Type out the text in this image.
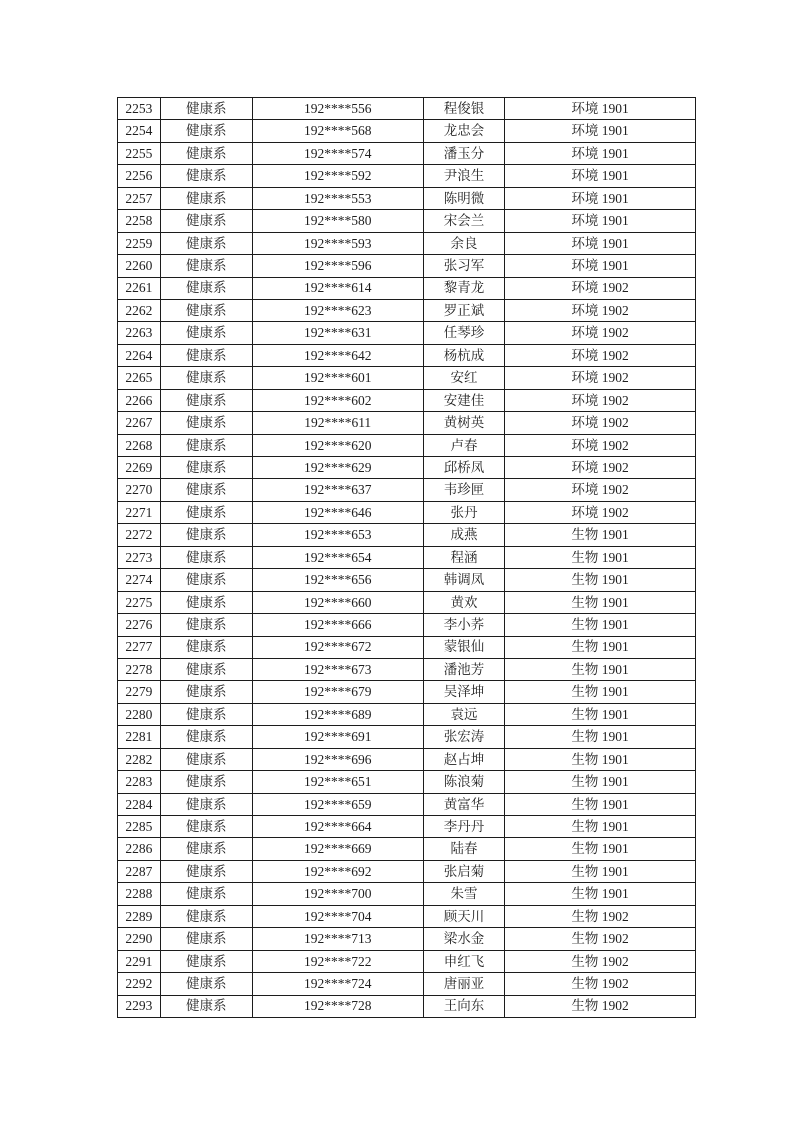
2253	健康系	192****556	程俊银	环境 1901
2254	健康系	192****568	龙忠会	环境 1901
2255	健康系	192****574	潘玉分	环境 1901
2256	健康系	192****592	尹浪生	环境 1901
2257	健康系	192****553	陈明微	环境 1901
2258	健康系	192****580	宋会兰	环境 1901
2259	健康系	192****593	余良	环境 1901
2260	健康系	192****596	张习军	环境 1901
2261	健康系	192****614	黎青龙	环境 1902
2262	健康系	192****623	罗正斌	环境 1902
2263	健康系	192****631	任琴珍	环境 1902
2264	健康系	192****642	杨杭成	环境 1902
2265	健康系	192****601	安红	环境 1902
2266	健康系	192****602	安建佳	环境 1902
2267	健康系	192****611	黄树英	环境 1902
2268	健康系	192****620	卢春	环境 1902
2269	健康系	192****629	邱桥凤	环境 1902
2270	健康系	192****637	韦珍匣	环境 1902
2271	健康系	192****646	张丹	环境 1902
2272	健康系	192****653	成燕	生物 1901
2273	健康系	192****654	程涵	生物 1901
2274	健康系	192****656	韩调凤	生物 1901
2275	健康系	192****660	黄欢	生物 1901
2276	健康系	192****666	李小荞	生物 1901
2277	健康系	192****672	蒙银仙	生物 1901
2278	健康系	192****673	潘池芳	生物 1901
2279	健康系	192****679	吴泽坤	生物 1901
2280	健康系	192****689	袁远	生物 1901
2281	健康系	192****691	张宏涛	生物 1901
2282	健康系	192****696	赵占坤	生物 1901
2283	健康系	192****651	陈浪菊	生物 1901
2284	健康系	192****659	黄富华	生物 1901
2285	健康系	192****664	李丹丹	生物 1901
2286	健康系	192****669	陆春	生物 1901
2287	健康系	192****692	张启菊	生物 1901
2288	健康系	192****700	朱雪	生物 1901
2289	健康系	192****704	顾天川	生物 1902
2290	健康系	192****713	梁水金	生物 1902
2291	健康系	192****722	申红飞	生物 1902
2292	健康系	192****724	唐丽亚	生物 1902
2293	健康系	192****728	王向东	生物 1902
